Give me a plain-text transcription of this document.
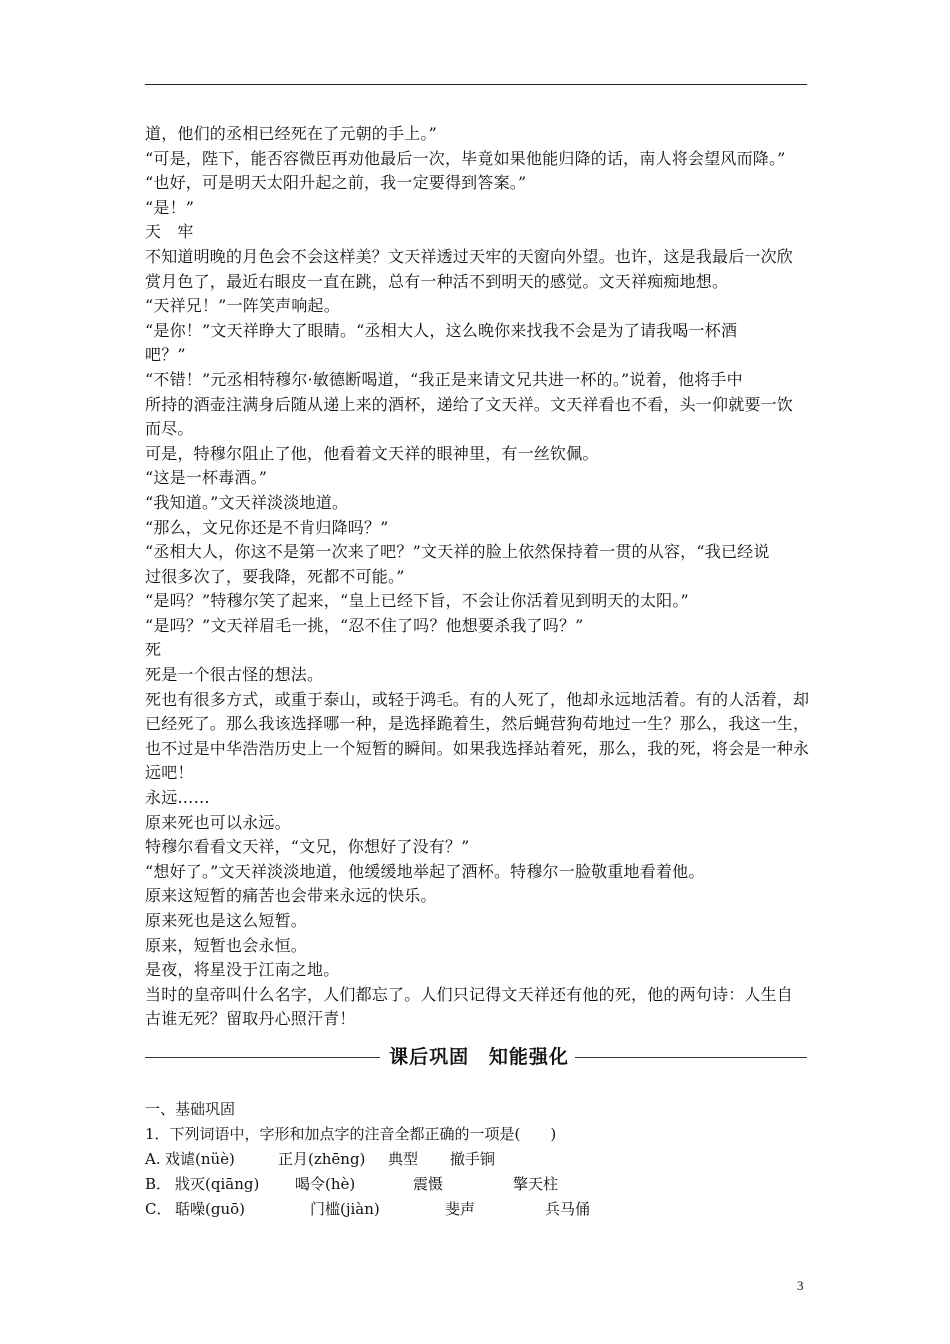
道，他们的丞相已经死在了元朝的手上。”
“可是，陛下，能否容微臣再劝他最后一次，毕竟如果他能归降的话，南人将会望风而降。”
“也好，可是明天太阳升起之前，我一定要得到答案。”
“是！”
天　牢
不知道明晚的月色会不会这样美？文天祥透过天牢的天窗向外望。也许，这是我最后一次欣
赏月色了，最近右眼皮一直在跳，总有一种活不到明天的感觉。文天祥痴痴地想。
“天祥兄！”一阵笑声响起。
“是你！”文天祥睁大了眼睛。“丞相大人，这么晚你来找我不会是为了请我喝一杯酒
吧？”
“不错！”元丞相特穆尔·敏德断喝道，“我正是来请文兄共进一杯的。”说着，他将手中
所持的酒壶注满身后随从递上来的酒杯，递给了文天祥。文天祥看也不看，头一仰就要一饮
而尽。
可是，特穆尔阻止了他，他看着文天祥的眼神里，有一丝钦佩。
“这是一杯毒酒。”
“我知道。”文天祥淡淡地道。
“那么，文兄你还是不肯归降吗？”
“丞相大人，你这不是第一次来了吧？”文天祥的脸上依然保持着一贯的从容，“我已经说
过很多次了，要我降，死都不可能。”
“是吗？”特穆尔笑了起来，“皇上已经下旨，不会让你活着见到明天的太阳。”
“是吗？”文天祥眉毛一挑，“忍不住了吗？他想要杀我了吗？”
死
死是一个很古怪的想法。
死也有很多方式，或重于泰山，或轻于鸿毛。有的人死了，他却永远地活着。有的人活着，却
已经死了。那么我该选择哪一种，是选择跪着生，然后蝇营狗苟地过一生？那么，我这一生，
也不过是中华浩浩历史上一个短暂的瞬间。如果我选择站着死，那么，我的死，将会是一种永
远吧！
永远……
原来死也可以永远。
特穆尔看看文天祥，“文兄，你想好了没有？”
“想好了。”文天祥淡淡地道，他缓缓地举起了酒杯。特穆尔一脸敬重地看着他。
原来这短暂的痛苦也会带来永远的快乐。
原来死也是这么短暂。
原来，短暂也会永恒。
是夜，将星没于江南之地。
当时的皇帝叫什么名字，人们都忘了。人们只记得文天祥还有他的死，他的两句诗：人生自
古谁无死？留取丹心照汗青！
课后巩固 知能强化
一、基础巩固
1．下列词语中，字形和加点字的注音全都正确的一项是(　　)
A. 戏谑(nüè)	正月(zhēng) 典型 撤手锏
B． 戕灭(qiāng) 喝令(hè)	震慑	擎天柱
C． 聒噪(guō)	门槛(jiàn)	斐声	兵马俑
3
